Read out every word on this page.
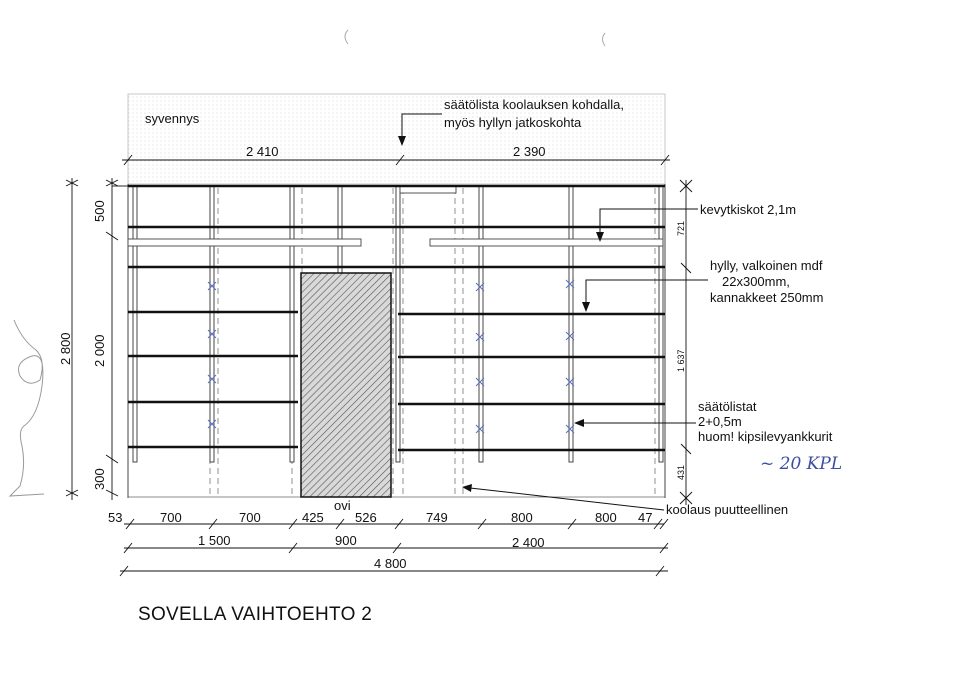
syvennys
säätölista koolauksen kohdalla,
myös hyllyn jatkoskohta
2 410	2 390
ovi
721
1 637
431
kevytkiskot 2,1m
hylly, valkoinen mdf
22x300mm,
kannakkeet 250mm
säätölistat
2+0,5m
huom! kipsilevyankkurit
~ 20 KPL
koolaus puutteellinen
2 800
500
2 000
300
53	700	700	425 526	749	800	800 47
1 500	900	2 400
4 800
SOVELLA VAIHTOEHTO 2
